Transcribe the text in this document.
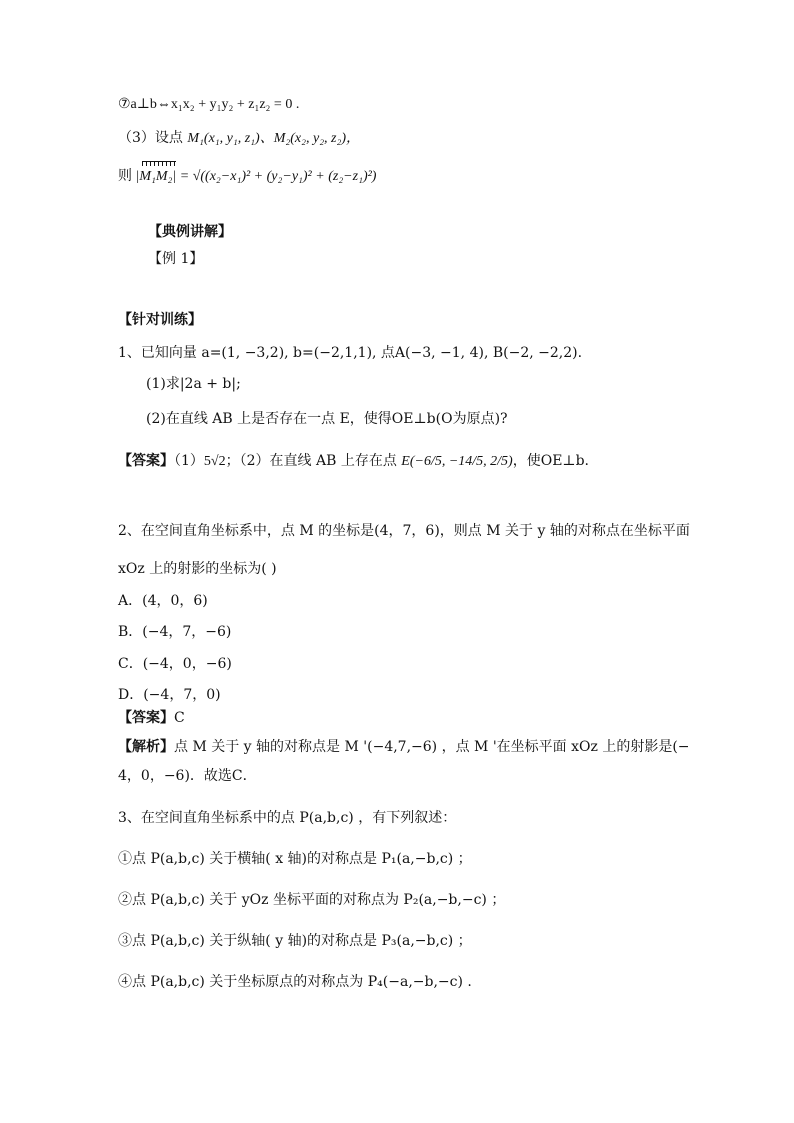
⑦a⊥b⇔x₁x₂ + y₁y₂ + z₁z₂ = 0 .
（3）设点 M₁(x₁, y₁, z₁)、M₂(x₂, y₂, z₂)，
则 |M₁M₂| = √((x₂−x₁)² + (y₂−y₁)² + (z₂−z₁)²)
【典例讲解】
【例 1】
【针对训练】
1、已知向量 a=(1, −3,2), b=(−2,1,1), 点A(−3, −1, 4), B(−2, −2,2).
(1)求|2a + b|;
(2)在直线 AB 上是否存在一点 E，使得OE⊥b(O为原点)?
【答案】（1）5√2；（2）在直线 AB 上存在点 E(−6/5, −14/5, 2/5)，使OE⊥b.
2、在空间直角坐标系中，点 M 的坐标是(4，7，6)，则点 M 关于 y 轴的对称点在坐标平面
xOz 上的射影的坐标为( )
A．(4，0，6)
B．(−4，7，−6)
C．(−4，0，−6)
D．(−4，7，0)
【答案】C
【解析】点 M 关于 y 轴的对称点是 M '(−4,7,−6) ，点 M '在坐标平面 xOz 上的射影是(−
4，0，−6)．故选C．
3、在空间直角坐标系中的点 P(a,b,c) ，有下列叙述：
①点 P(a,b,c) 关于横轴( x 轴)的对称点是 P₁(a,−b,c) ；
②点 P(a,b,c) 关于 yOz 坐标平面的对称点为 P₂(a,−b,−c) ；
③点 P(a,b,c) 关于纵轴( y 轴)的对称点是 P₃(a,−b,c) ；
④点 P(a,b,c) 关于坐标原点的对称点为 P₄(−a,−b,−c) .
